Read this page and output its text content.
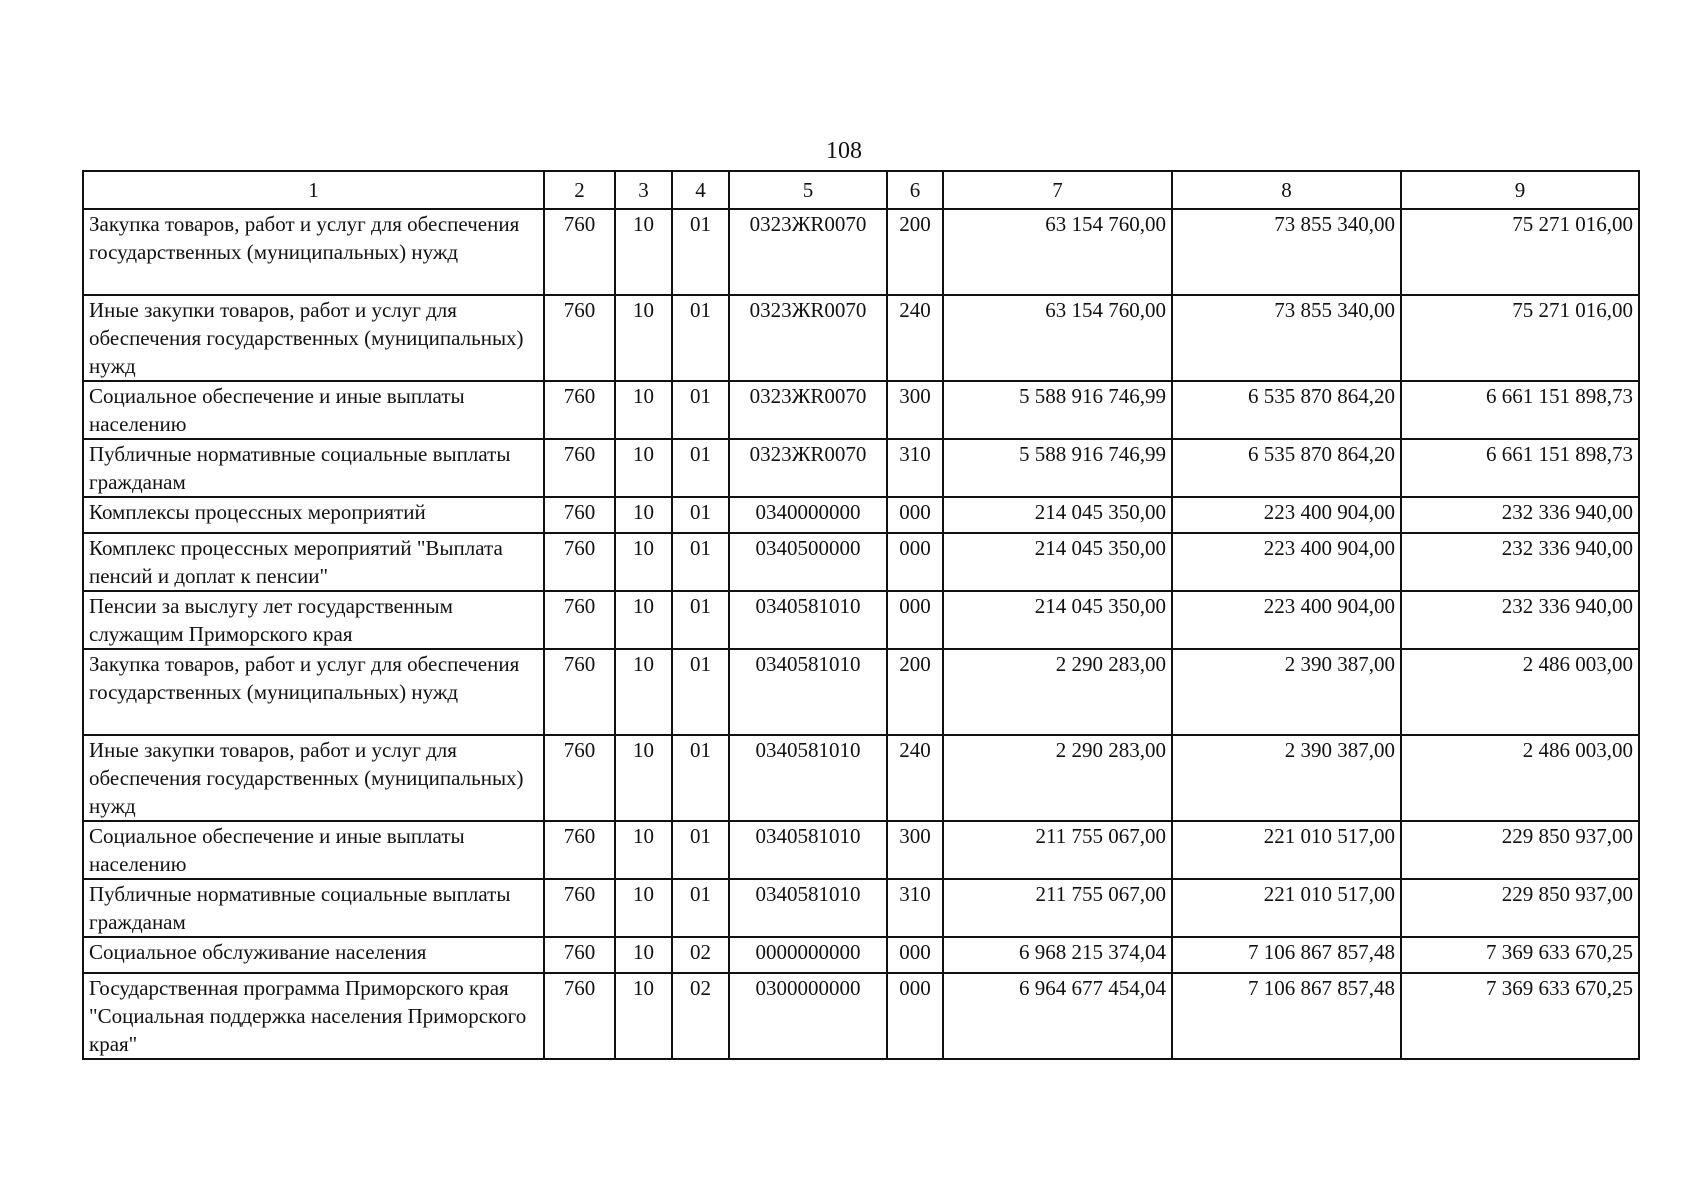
108
1	2	3	4	5	6	7	8	9
Закупка товаров, работ и услуг для обеспечения государственных (муниципальных) нужд	760	10	01	0323ЖR0070	200	63 154 760,00	73 855 340,00	75 271 016,00
Иные закупки товаров, работ и услуг для обеспечения государственных (муниципальных) нужд	760	10	01	0323ЖR0070	240	63 154 760,00	73 855 340,00	75 271 016,00
Социальное обеспечение и иные выплаты населению	760	10	01	0323ЖR0070	300	5 588 916 746,99	6 535 870 864,20	6 661 151 898,73
Публичные нормативные социальные выплаты гражданам	760	10	01	0323ЖR0070	310	5 588 916 746,99	6 535 870 864,20	6 661 151 898,73
Комплексы процессных мероприятий	760	10	01	0340000000	000	214 045 350,00	223 400 904,00	232 336 940,00
Комплекс процессных мероприятий "Выплата пенсий и доплат к пенсии"	760	10	01	0340500000	000	214 045 350,00	223 400 904,00	232 336 940,00
Пенсии за выслугу лет государственным служащим Приморского края	760	10	01	0340581010	000	214 045 350,00	223 400 904,00	232 336 940,00
Закупка товаров, работ и услуг для обеспечения государственных (муниципальных) нужд	760	10	01	0340581010	200	2 290 283,00	2 390 387,00	2 486 003,00
Иные закупки товаров, работ и услуг для обеспечения государственных (муниципальных) нужд	760	10	01	0340581010	240	2 290 283,00	2 390 387,00	2 486 003,00
Социальное обеспечение и иные выплаты населению	760	10	01	0340581010	300	211 755 067,00	221 010 517,00	229 850 937,00
Публичные нормативные социальные выплаты гражданам	760	10	01	0340581010	310	211 755 067,00	221 010 517,00	229 850 937,00
Социальное обслуживание населения	760	10	02	0000000000	000	6 968 215 374,04	7 106 867 857,48	7 369 633 670,25
Государственная программа Приморского края "Социальная поддержка населения Приморского края"	760	10	02	0300000000	000	6 964 677 454,04	7 106 867 857,48	7 369 633 670,25
